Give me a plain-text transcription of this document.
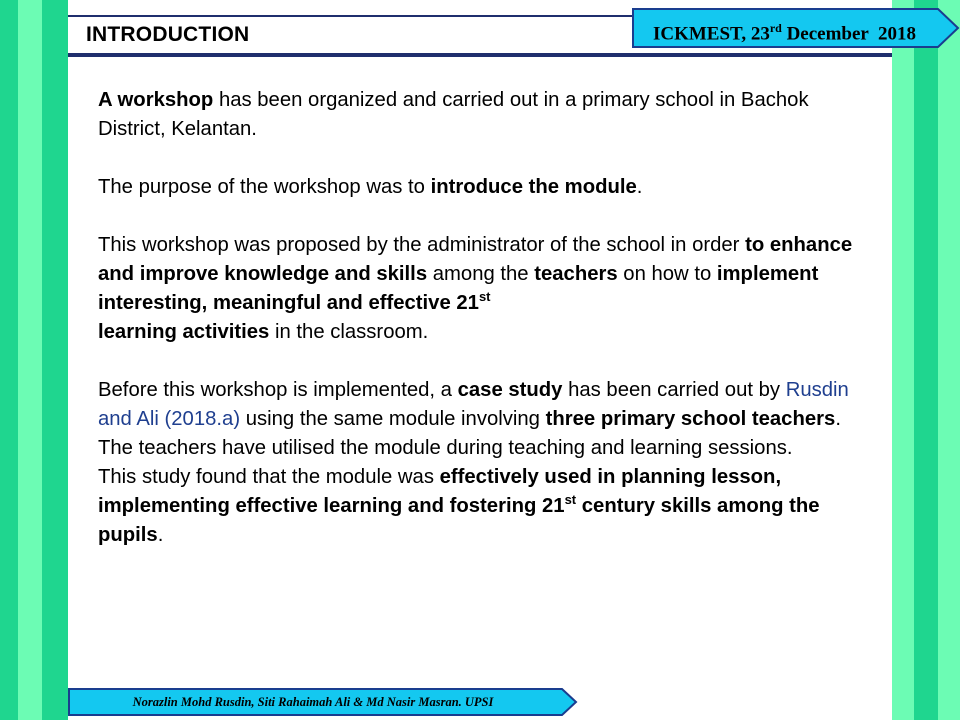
INTRODUCTION	ICKMEST, 23rd December  2018

A workshop has been organized and carried out in a primary school in Bachok District, Kelantan.

The purpose of the workshop was to introduce the module.

This workshop was proposed by the administrator of the school in order to enhance and improve knowledge and skills among the teachers on how to implement interesting, meaningful and effective 21st
learning activities in the classroom.

Before this workshop is implemented, a case study has been carried out by Rusdin and Ali (2018.a) using the same module involving three primary school teachers.

The teachers have utilised the module during teaching and learning sessions.

This study found that the module was effectively used in planning lesson, implementing effective learning and fostering 21st century skills among the pupils.

Norazlin Mohd Rusdin, Siti Rahaimah Ali & Md Nasir Masran. UPSI
